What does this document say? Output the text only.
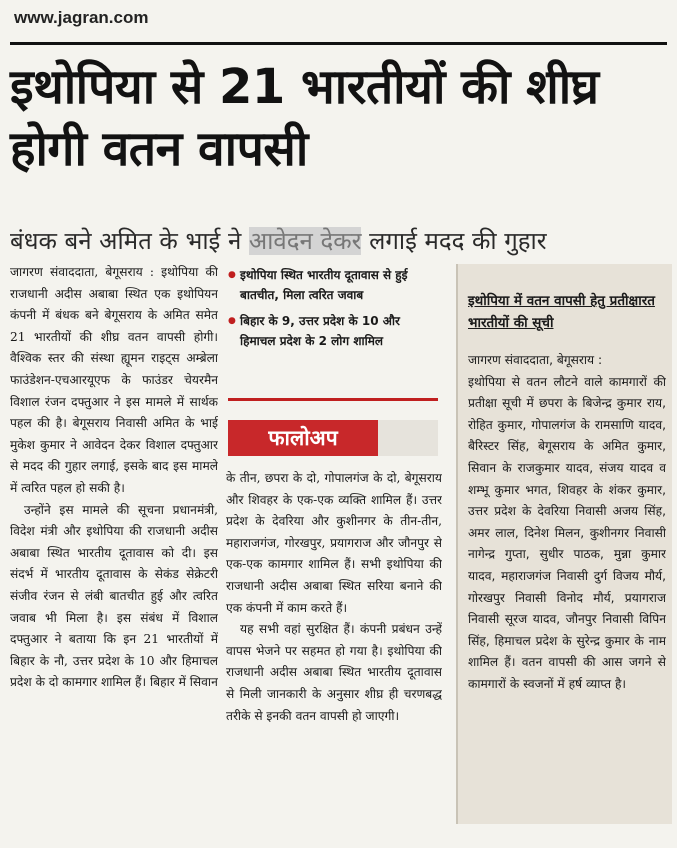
www.jagran.com
इथोपिया से 21 भारतीयों की शीघ्र होगी वतन वापसी
बंधक बने अमित के भाई ने आवेदन देकर लगाई मदद की गुहार

जागरण संवाददाता, बेगूसराय : इथोपिया की राजधानी अदीस अबाबा स्थित एक इथोपियन कंपनी में बंधक बने बेगूसराय के अमित समेत 21 भारतीयों की शीघ्र वतन वापसी होगी। वैश्विक स्तर की संस्था ह्यूमन राइट्स अम्ब्रेला फाउंडेशन-एचआरयूएफ के फाउंडर चेयरमैन विशाल रंजन दफ्तुआर ने इस मामले में सार्थक पहल की है। बेगूसराय निवासी अमित के भाई मुकेश कुमार ने आवेदन देकर विशाल दफ्तुआर से मदद की गुहार लगाई, इसके बाद इस मामले में त्वरित पहल हो सकी है।

उन्होंने इस मामले की सूचना प्रधानमंत्री, विदेश मंत्री और इथोपिया की राजधानी अदीस अबाबा स्थित भारतीय दूतावास को दी। इस संदर्भ में भारतीय दूतावास के सेकंड सेक्रेटरी संजीव रंजन से लंबी बातचीत हुई और त्वरित जवाब भी मिला है। इस संबंध में विशाल दफ्तुआर ने बताया कि इन 21 भारतीयों में बिहार के नौ, उत्तर प्रदेश के 10 और हिमाचल प्रदेश के दो कामगार शामिल हैं। बिहार में सिवान

● इथोपिया स्थित भारतीय दूतावास से हुई बातचीत, मिला त्वरित जवाब
● बिहार के 9, उत्तर प्रदेश के 10 और हिमाचल प्रदेश के 2 लोग शामिल
फालोअप

के तीन, छपरा के दो, गोपालगंज के दो, बेगूसराय और शिवहर के एक-एक व्यक्ति शामिल हैं। उत्तर प्रदेश के देवरिया और कुशीनगर के तीन-तीन, महाराजगंज, गोरखपुर, प्रयागराज और जौनपुर से एक-एक कामगार शामिल हैं। सभी इथोपिया की राजधानी अदीस अबाबा स्थित सरिया बनाने की एक कंपनी में काम करते हैं।

यह सभी वहां सुरक्षित हैं। कंपनी प्रबंधन उन्हें वापस भेजने पर सहमत हो गया है। इथोपिया की राजधानी अदीस अबाबा स्थित भारतीय दूतावास से मिली जानकारी के अनुसार शीघ्र ही चरणबद्ध तरीके से इनकी वतन वापसी हो जाएगी।

इथोपिया में वतन वापसी हेतु प्रतीक्षारत भारतीयों की सूची
जागरण संवाददाता, बेगूसराय :
इथोपिया से वतन लौटने वाले कामगारों की प्रतीक्षा सूची में छपरा के बिजेन्द्र कुमार राय, रोहित कुमार, गोपालगंज के रामसाणि यादव, बैरिस्टर सिंह, बेगूसराय के अमित कुमार, सिवान के राजकुमार यादव, संजय यादव व शम्भू कुमार भगत, शिवहर के शंकर कुमार, उत्तर प्रदेश के देवरिया निवासी अजय सिंह, अमर लाल, दिनेश मिलन, कुशीनगर निवासी नागेन्द्र गुप्ता, सुधीर पाठक, मुन्ना कुमार यादव, महाराजगंज निवासी दुर्ग विजय मौर्य, गोरखपुर निवासी विनोद मौर्य, प्रयागराज निवासी सूरज यादव, जौनपुर निवासी विपिन सिंह, हिमाचल प्रदेश के सुरेन्द्र कुमार के नाम शामिल हैं। वतन वापसी की आस जगने से कामगारों के स्वजनों में हर्ष व्याप्त है।
